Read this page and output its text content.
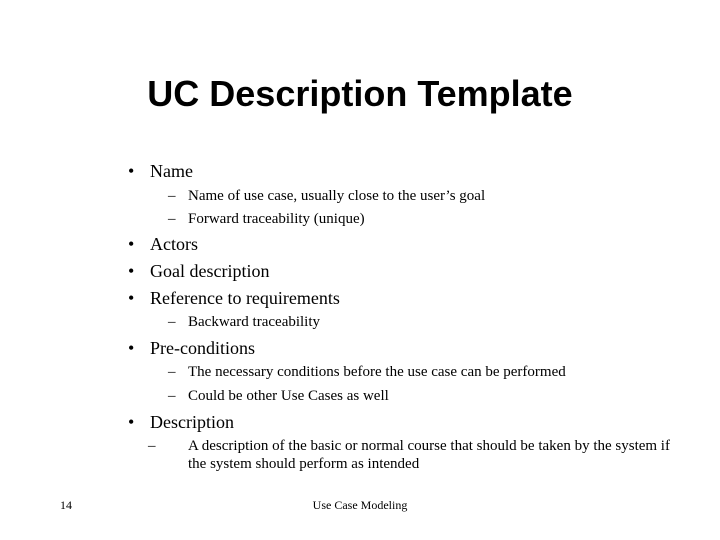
UC Description Template
• Name
– Name of use case, usually close to the user’s goal
– Forward traceability (unique)
• Actors
• Goal description
• Reference to requirements
– Backward traceability
• Pre-conditions
– The necessary conditions before the use case can be performed
– Could be other Use Cases as well
• Description
– A description of the basic or normal course that should be taken by the system if the system should perform as intended
14	Use Case Modeling
